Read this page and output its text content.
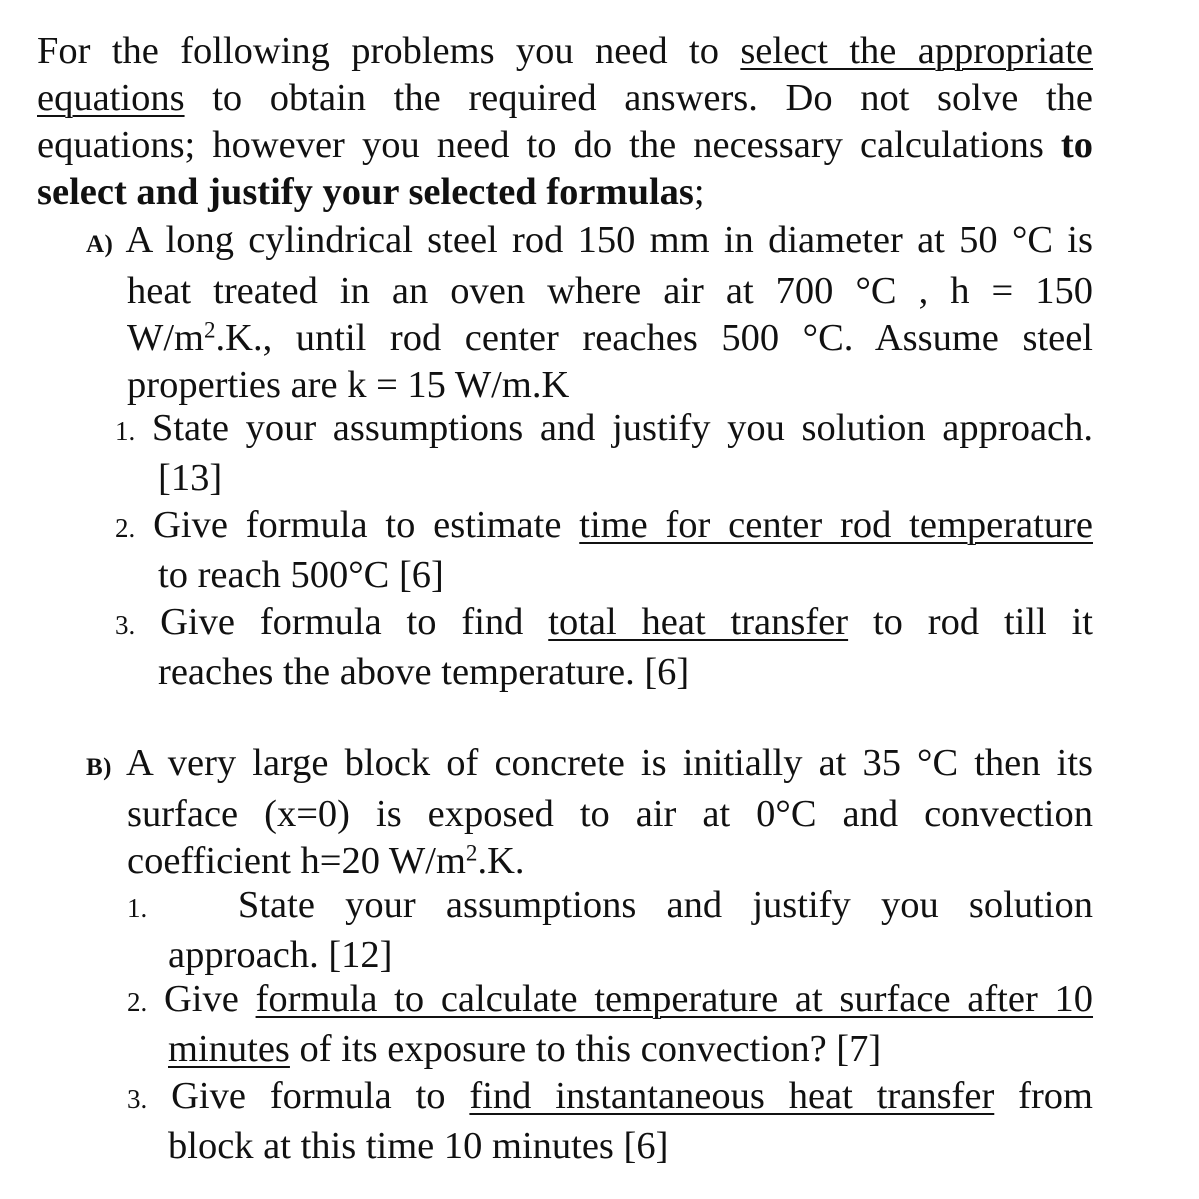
For the following problems you need to select the appropriate
equations to obtain the required answers. Do not solve the
equations; however you need to do the necessary calculations to
select and justify your selected formulas;
A) A long cylindrical steel rod 150 mm in diameter at 50 °C is
heat treated in an oven where air at 700 °C , h = 150
$W/m^2.K$., until rod center reaches 500 °C. Assume steel
properties are k = 15 W/m.K
1. State your assumptions and justify you solution approach.
[13]
2. Give formula to estimate time for center rod temperature
to reach 500°C [6]
3. Give formula to find total heat transfer to rod till it
reaches the above temperature. [6]
B) A very large block of concrete is initially at 35 °C then its
surface (x=0) is exposed to air at 0°C and convection
coefficient h=20 $W/m^2.K$.
1. State your assumptions and justify you solution
approach. [12]
2. Give formula to calculate temperature at surface after 10
minutes of its exposure to this convection? [7]
3. Give formula to find instantaneous heat transfer from
block at this time 10 minutes [6]
